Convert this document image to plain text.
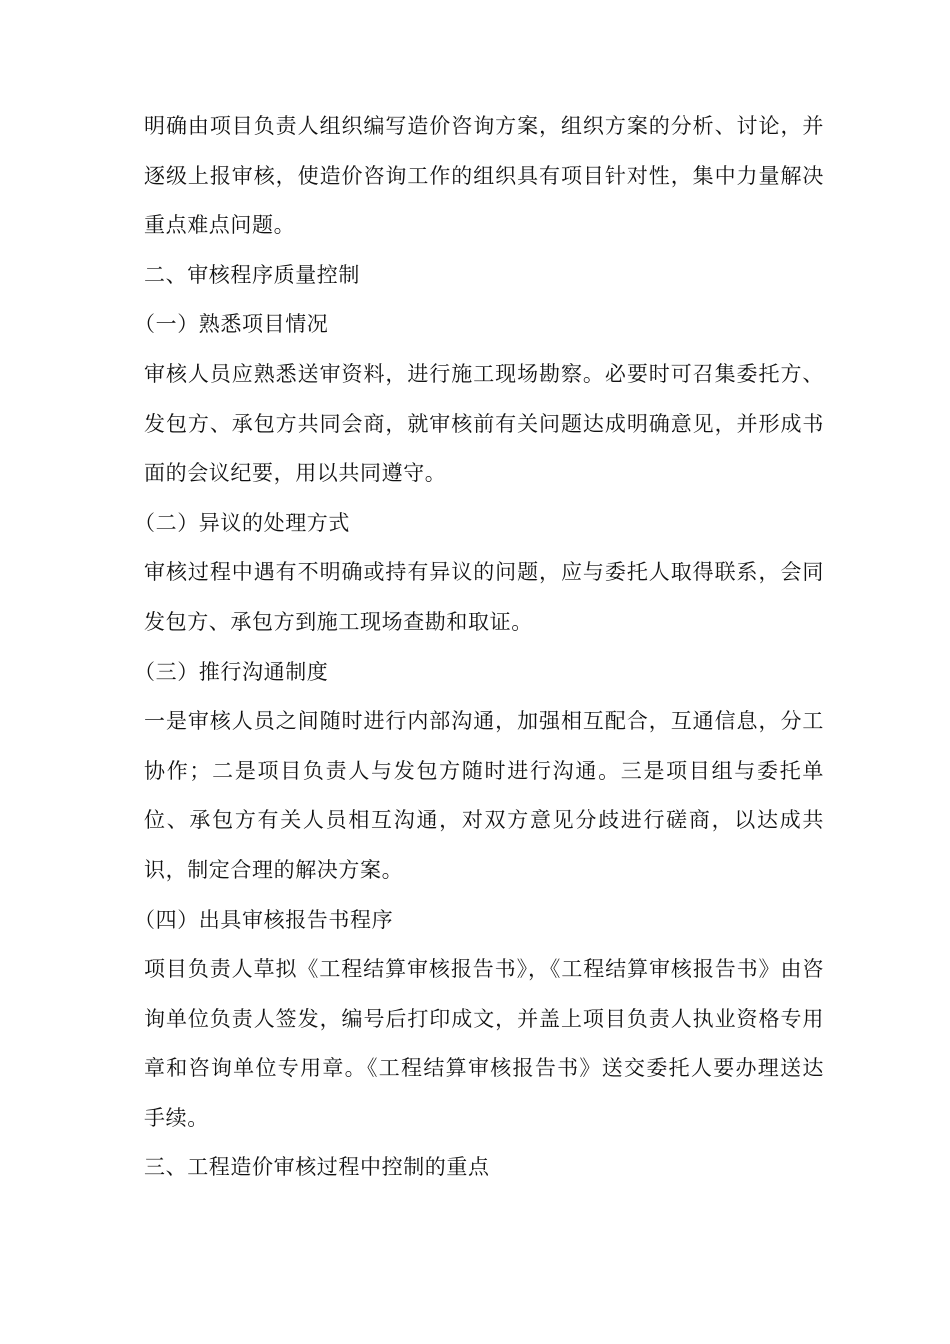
明确由项目负责人组织编写造价咨询方案，组织方案的分析、讨论，并逐级上报审核，使造价咨询工作的组织具有项目针对性，集中力量解决重点难点问题。

二、审核程序质量控制

（一）熟悉项目情况

审核人员应熟悉送审资料，进行施工现场勘察。必要时可召集委托方、发包方、承包方共同会商，就审核前有关问题达成明确意见，并形成书面的会议纪要，用以共同遵守。

（二）异议的处理方式

审核过程中遇有不明确或持有异议的问题，应与委托人取得联系，会同发包方、承包方到施工现场查勘和取证。

（三）推行沟通制度

一是审核人员之间随时进行内部沟通，加强相互配合，互通信息，分工协作；二是项目负责人与发包方随时进行沟通。三是项目组与委托单位、承包方有关人员相互沟通，对双方意见分歧进行磋商，以达成共识，制定合理的解决方案。

（四）出具审核报告书程序

项目负责人草拟《工程结算审核报告书》，《工程结算审核报告书》由咨询单位负责人签发，编号后打印成文，并盖上项目负责人执业资格专用章和咨询单位专用章。《工程结算审核报告书》送交委托人要办理送达手续。

三、工程造价审核过程中控制的重点
